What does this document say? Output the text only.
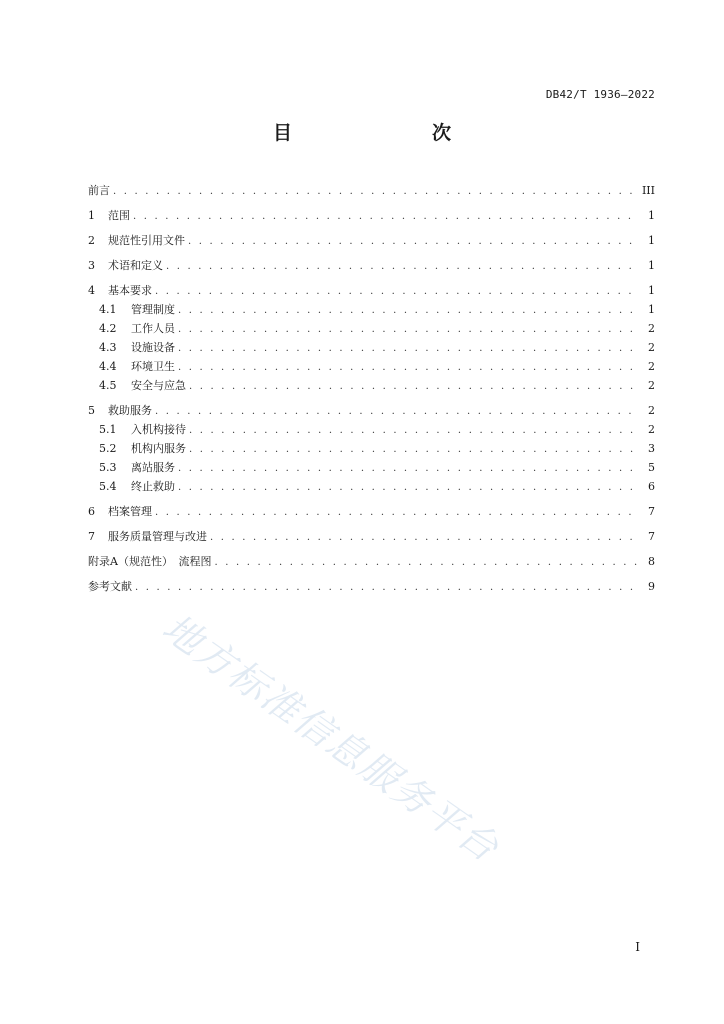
DB42/T 1936—2022
目　　次
前言 . . .	III
1	范围 . . .	1
2	规范性引用文件 . . .	1
3	术语和定义 . . .	1
4	基本要求 . . .	1
4.1	管理制度 . . .	1
4.2	工作人员 . . .	2
4.3	设施设备 . . .	2
4.4	环境卫生 . . .	2
4.5	安全与应急 . . .	2
5	救助服务 . . .	2
5.1	入机构接待 . . .	2
5.2	机构内服务 . . .	3
5.3	离站服务 . . .	5
5.4	终止救助 . . .	6
6	档案管理 . . .	7
7	服务质量管理与改进 . . .	7
附录A（规范性）　流程图 . . .	8
参考文献 . . .	9
地方标准信息服务平台
I
